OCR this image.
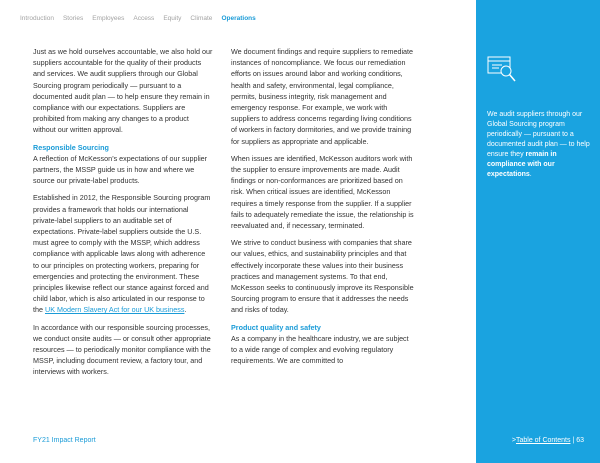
Introduction Stories Employees Access Equity Climate Operations

Just as we hold ourselves accountable, we also hold our suppliers accountable for the quality of their products and services. We audit suppliers through our Global Sourcing program periodically — pursuant to a documented audit plan — to help ensure they remain in compliance with our expectations. Suppliers are prohibited from making any changes to a product without our written approval.

Responsible Sourcing

A reflection of McKesson’s expectations of our supplier partners, the MSSP guide us in how and where we source our private-label products.

Established in 2012, the Responsible Sourcing program provides a framework that holds our international private-label suppliers to an auditable set of expectations. Private-label suppliers outside the U.S. must agree to comply with the MSSP, which address compliance with applicable laws along with adherence to our principles on protecting workers, preparing for emergencies and protecting the environment. These principles likewise reflect our stance against forced and child labor, which is also articulated in our response to the UK Modern Slavery Act for our UK business.

In accordance with our responsible sourcing processes, we conduct onsite audits — or consult other appropriate resources — to periodically monitor compliance with the MSSP, including document review, a factory tour, and interviews with workers.

We document findings and require suppliers to remediate instances of noncompliance. We focus our remediation efforts on issues around labor and working conditions, health and safety, environmental, legal compliance, permits, business integrity, risk management and emergency response. For example, we work with suppliers to address concerns regarding living conditions of workers in factory dormitories, and we provide training for suppliers as appropriate and applicable.

When issues are identified, McKesson auditors work with the supplier to ensure improvements are made. Audit findings or non-conformances are prioritized based on risk. When critical issues are identified, McKesson requires a timely response from the supplier. If a supplier fails to adequately remediate the issue, the relationship is reevaluated and, if necessary, terminated.

We strive to conduct business with companies that share our values, ethics, and sustainability principles and that effectively incorporate these values into their business practices and management systems. To that end, McKesson seeks to continuously improve its Responsible Sourcing program to ensure that it addresses the needs and risks of today.

Product quality and safety

As a company in the healthcare industry, we are subject to a wide range of complex and evolving regulatory requirements. We are committed to

We audit suppliers through our Global Sourcing program periodically — pursuant to a documented audit plan — to help ensure they remain in compliance with our expectations.

FY21 Impact Report	>Table of Contents | 63
